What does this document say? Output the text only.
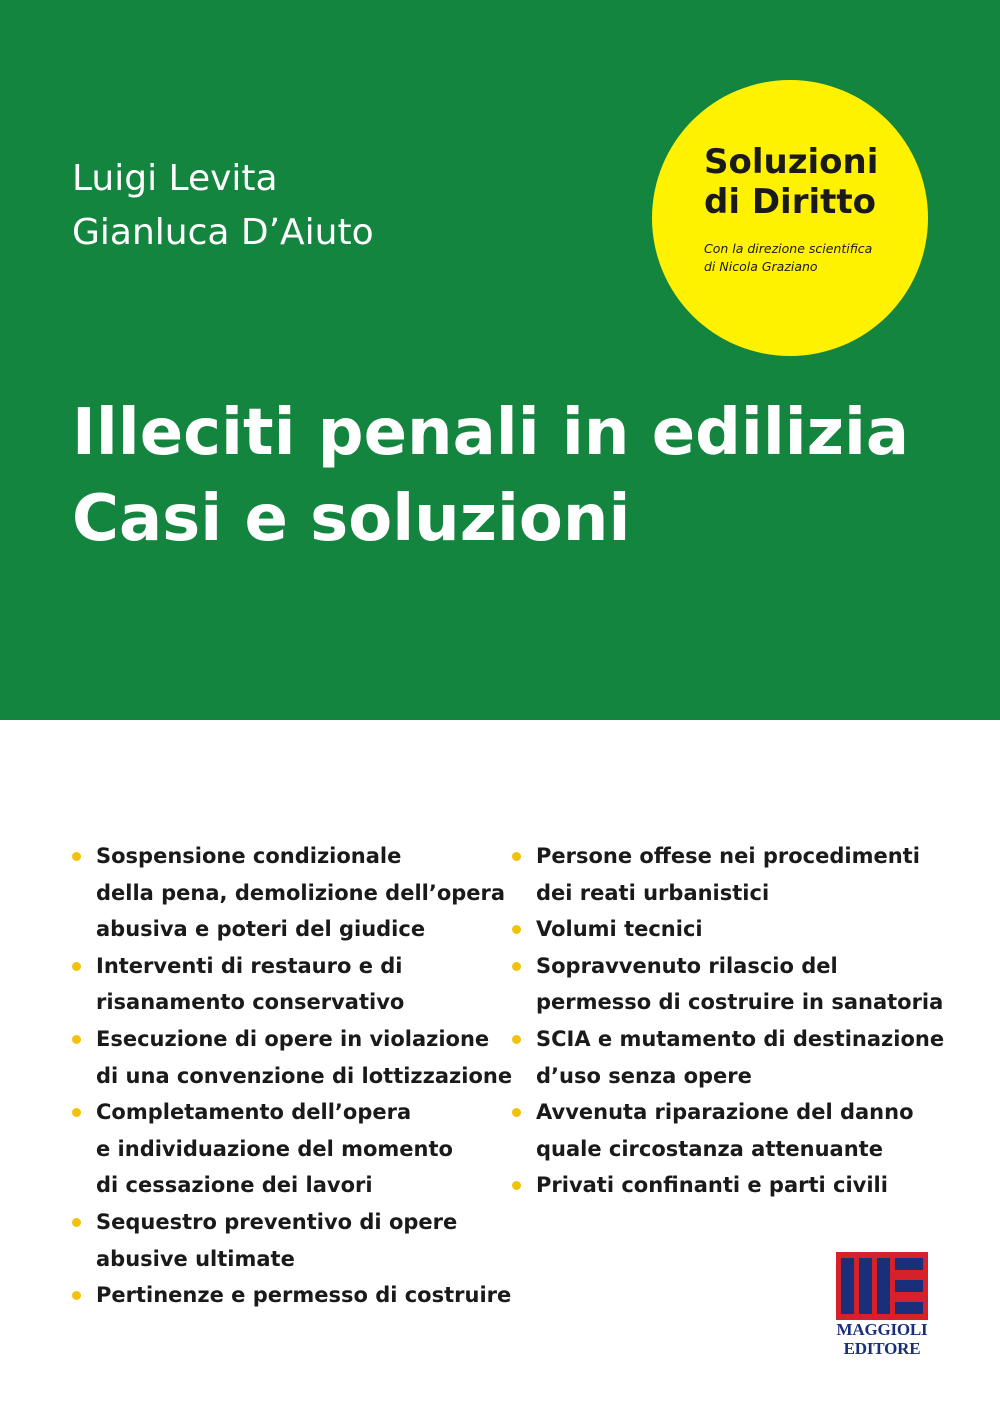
Luigi Levita
Gianluca D’Aiuto
Soluzioni
di Diritto
Con la direzione scientifica
di Nicola Graziano
Illeciti penali in edilizia
Casi e soluzioni
Sospensione condizionale
della pena, demolizione dell’opera
abusiva e poteri del giudice
Interventi di restauro e di
risanamento conservativo
Esecuzione di opere in violazione
di una convenzione di lottizzazione
Completamento dell’opera
e individuazione del momento
di cessazione dei lavori
Sequestro preventivo di opere
abusive ultimate
Pertinenze e permesso di costruire
Persone offese nei procedimenti
dei reati urbanistici
Volumi tecnici
Sopravvenuto rilascio del
permesso di costruire in sanatoria
SCIA e mutamento di destinazione
d’uso senza opere
Avvenuta riparazione del danno
quale circostanza attenuante
Privati confinanti e parti civili
MAGGIOLI
EDITORE
